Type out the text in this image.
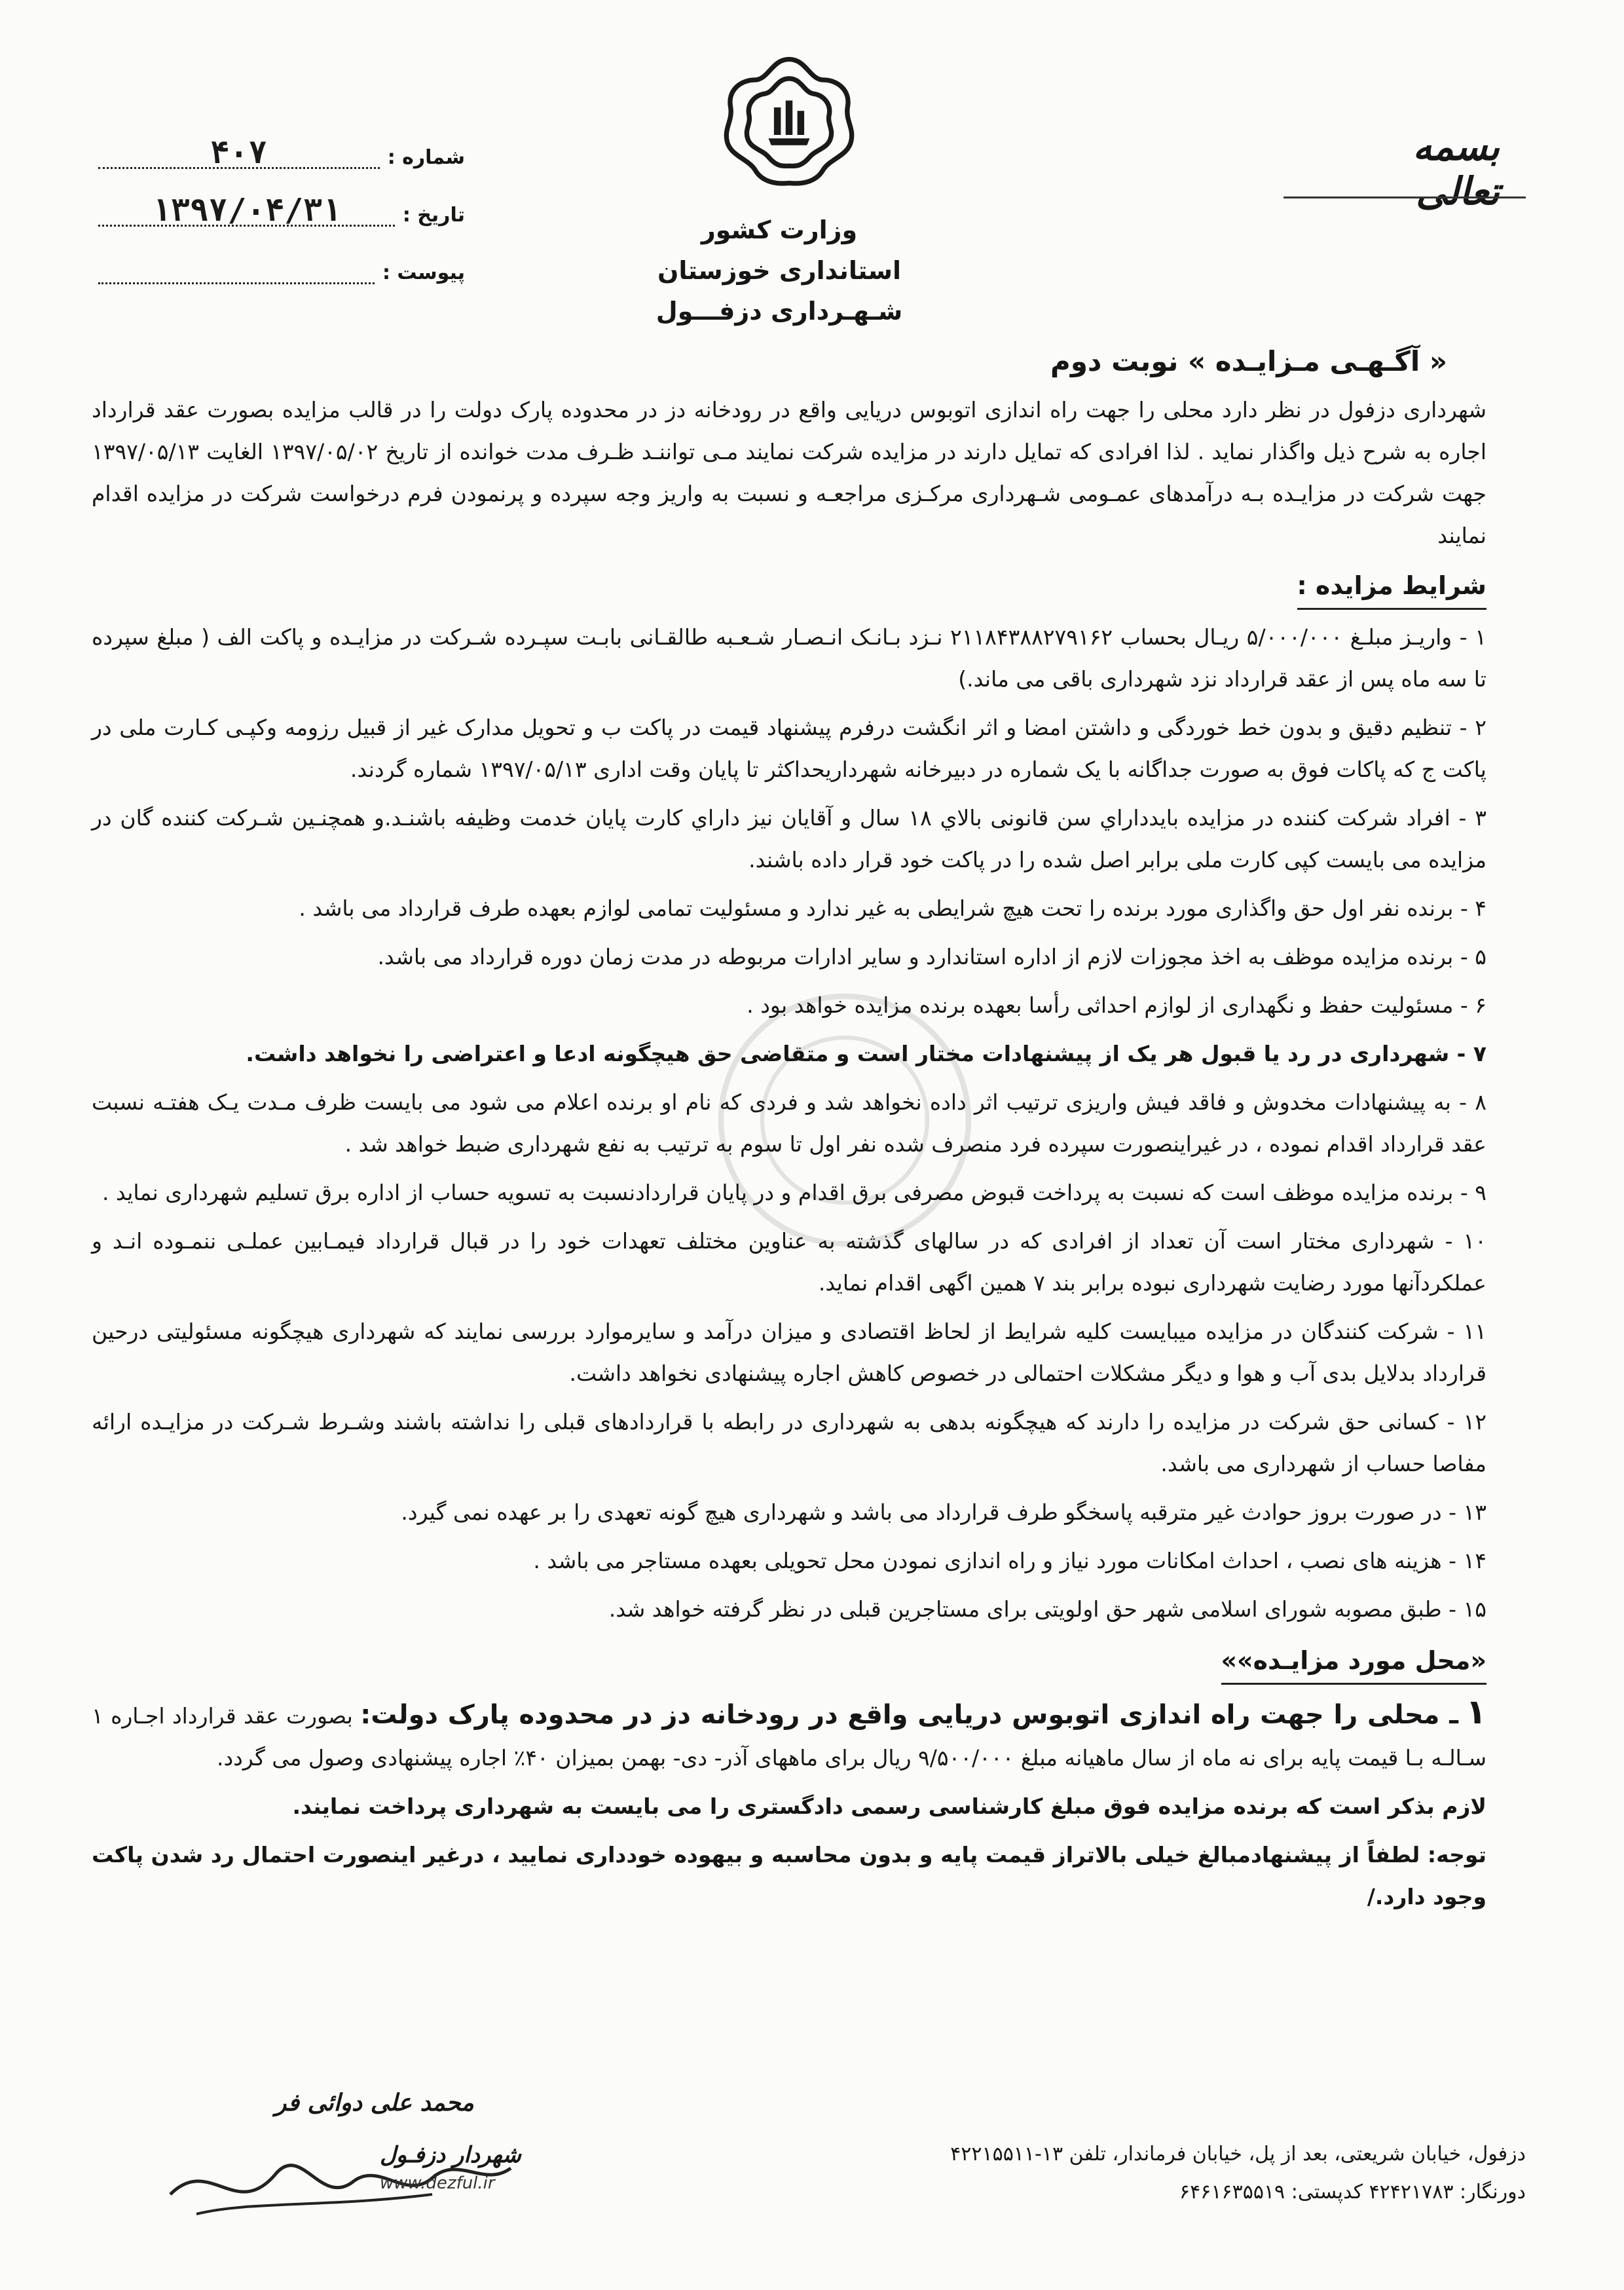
شماره :
۴۰۷
تاریخ :
۱۳۹۷/۰۴/۳۱
پیوست :
وزارت کشور
استانداری خوزستان
شـهـرداری دزفـــول
بسمه تعالی
« آگـهـی مـزایـده » نوبت دوم

شهرداری دزفول در نظر دارد محلی را جهت راه اندازی اتوبوس دریایی واقع در رودخانه دز در محدوده پارک دولت را در قالب مزایده بصورت عقد قرارداد اجاره به شرح ذیل واگذار نماید . لذا افرادی که تمایل دارند در مزایده شرکت نمایند مـی تواننـد ظـرف مدت خوانده از تاریخ ۱۳۹۷/۰۵/۰۲ الغایت ۱۳۹۷/۰۵/۱۳ جهت شرکت در مزایـده بـه درآمدهای عمـومی شـهرداری مرکـزی مراجعـه و نسبت به واریز وجه سپرده و پرنمودن فرم درخواست شرکت در مزایده اقدام نمایند

شرایط مزایده :

۱ - واریـز مبلـغ ۵/۰۰۰/۰۰۰ ریـال بحساب ۲۱۱۸۴۳۸۸۲۷۹۱۶۲ نـزد بـانـک انـصـار شـعـبه طالقـانی بابـت سپـرده شـرکت در مزایـده و پاکت الف ( مبلغ سپرده تا سه ماه پس از عقد قرارداد نزد شهرداری باقی می ماند.)

۲ - تنظیم دقیق و بدون خط خوردگی و داشتن امضا و اثر انگشت درفرم پیشنهاد قیمت در پاکت ب و تحویل مدارک غیر از قبیل رزومه وکپـی کـارت ملی در پاکت ج که پاکات فوق به صورت جداگانه با یک شماره در دبیرخانه شهرداریحداکثر تا پایان وقت اداری ۱۳۹۷/۰۵/۱۳ شماره گردند.

۳ - افراد شرکت کننده در مزایده بایدداراي سن قانونی بالاي ۱۸ سال و آقایان نیز داراي کارت پایان خدمت وظیفه باشنـد.و همچنـین شـرکت کننده گان در مزایده می بایست کپی کارت ملی برابر اصل شده را در پاکت خود قرار داده باشند.

۴ - برنده نفر اول حق واگذاری مورد برنده را تحت هیچ شرایطی به غیر ندارد و مسئولیت تمامی لوازم بعهده طرف قرارداد می باشد .

۵ - برنده مزایده موظف به اخذ مجوزات لازم از اداره استاندارد و سایر ادارات مربوطه در مدت زمان دوره قرارداد می باشد.

۶ - مسئولیت حفظ و نگهداری از لوازم احداثی رأسا بعهده برنده مزایده خواهد بود .

۷ - شهرداری در رد یا قبول هر یک از پیشنهادات مختار است و متقاضی حق هیچگونه ادعا و اعتراضی را نخواهد داشت.

۸ - به پیشنهادات مخدوش و فاقد فیش واریزی ترتیب اثر داده نخواهد شد و فردی که نام او برنده اعلام می شود می بایست ظرف مـدت یـک هفتـه نسبت عقد قرارداد اقدام نموده ، در غیراینصورت سپرده فرد منصرف شده نفر اول تا سوم به ترتیب به نفع شهرداری ضبط خواهد شد .

۹ - برنده مزایده موظف است که نسبت به پرداخت قبوض مصرفی برق اقدام و در پایان قراردادنسبت به تسویه حساب از اداره برق تسلیم شهرداری نماید .

۱۰ - شهرداری مختار است آن تعداد از افرادی که در سالهای گذشته به عناوین مختلف تعهدات خود را در قبال قرارداد فیمـابین عملـی ننمـوده انـد و عملکردآنها مورد رضایت شهرداری نبوده برابر بند ۷ همین اگهی اقدام نماید.

۱۱ - شرکت کنندگان در مزایده میبایست کلیه شرایط از لحاظ اقتصادی و میزان درآمد و سایرموارد بررسی نمایند که شهرداری هیچگونه مسئولیتی درحین قرارداد بدلایل بدی آب و هوا و دیگر مشکلات احتمالی در خصوص کاهش اجاره پیشنهادی نخواهد داشت.

۱۲ - کسانی حق شرکت در مزایده را دارند که هیچگونه بدهی به شهرداری در رابطه با قراردادهای قبلی را نداشته باشند وشـرط شـرکت در مزایـده ارائه مفاصا حساب از شهرداری می باشد.

۱۳ - در صورت بروز حوادث غیر مترقبه پاسخگو طرف قرارداد می باشد و شهرداری هیچ گونه تعهدی را بر عهده نمی گیرد.

۱۴ - هزینه های نصب ، احداث امکانات مورد نیاز و راه اندازی نمودن محل تحویلی بعهده مستاجر می باشد .

۱۵ - طبق مصوبه شورای اسلامی شهر حق اولویتی برای مستاجرین قبلی در نظر گرفته خواهد شد.

«محل مورد مزایـده»»

۱ ـ محلی را جهت راه اندازی اتوبوس دریایی واقع در رودخانه دز در محدوده پارک دولت: بصورت عقد قرارداد اجـاره ۱ سـالـه بـا قیمت پایه برای نه ماه از سال ماهیانه مبلغ ۹/۵۰۰/۰۰۰ ریال برای ماههای آذر- دی- بهمن بمیزان ۴۰٪ اجاره پیشنهادی وصول می گردد.

لازم بذکر است که برنده مزایده فوق مبلغ کارشناسی رسمی دادگستری را می بایست به شهرداری پرداخت نمایند.

توجه: لطفاً از پیشنهادمبالغ خیلی بالاتراز قیمت پایه و بدون محاسبه و بیهوده خودداری نمایید ، درغیر اینصورت احتمال رد شدن پاکت وجود دارد./

محمد علی دوائی فر
شهردار دزفـول	دزفول، خیابان شریعتی، بعد از پل، خیابان فرماندار، تلفن ۱۳-۴۲۲۱۵۵۱۱
دورنگار: ۴۲۴۲۱۷۸۳ کدپستی: ۶۴۶۱۶۳۵۵۱۹
www.dezful.ir
